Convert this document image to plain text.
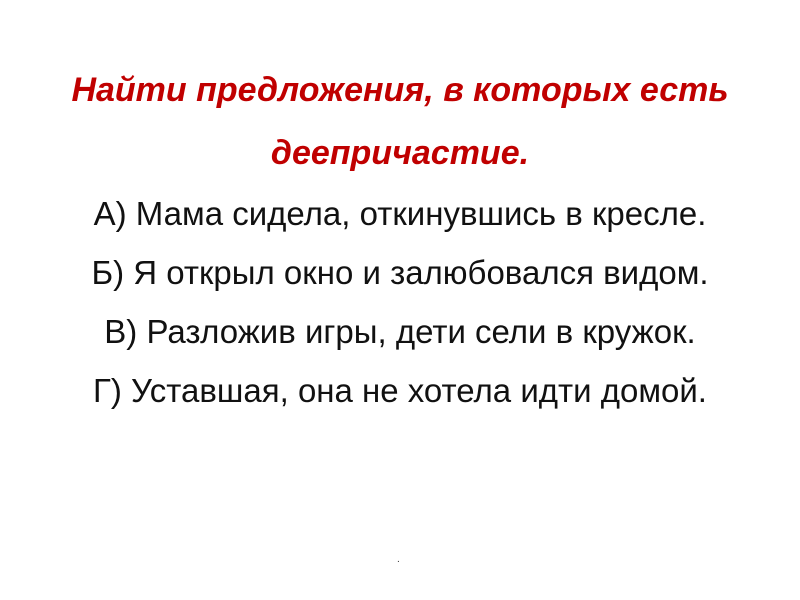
Найти предложения, в которых есть
деепричастие.
А) Мама сидела, откинувшись в кресле.
Б) Я открыл окно и залюбовался видом.
В) Разложив игры, дети сели в кружок.
Г) Уставшая, она не хотела идти домой.
.
